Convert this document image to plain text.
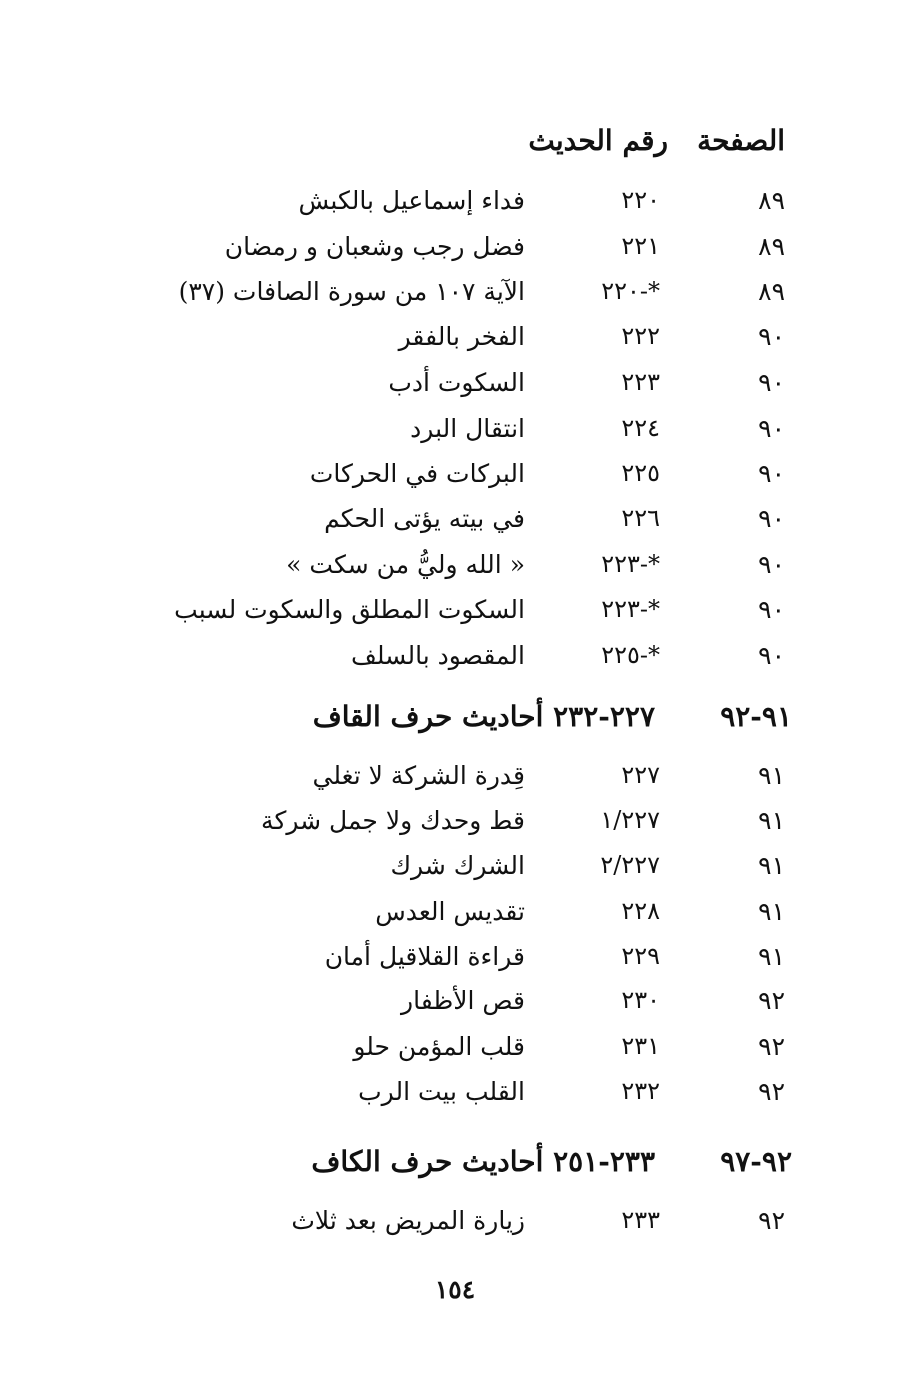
الصفحة
رقم الحديث
٨٩
٢٢٠
فداء إسماعيل بالكبش
٨٩
٢٢١
فضل رجب وشعبان و رمضان
٨٩
*-٢٢٠
الآية ١٠٧ من سورة الصافات (٣٧)
٩٠
٢٢٢
الفخر بالفقر
٩٠
٢٢٣
السكوت أدب
٩٠
٢٢٤
انتقال البرد
٩٠
٢٢٥
البركات في الحركات
٩٠
٢٢٦
في بيته يؤتى الحكم
٩٠
*-٢٢٣
« الله وليُّ من سكت »
٩٠
*-٢٢٣
السكوت المطلق والسكوت لسبب
٩٠
*-٢٢٥
المقصود بالسلف
٩١-٩٢
٢٢٧-٢٣٢ أحاديث حرف القاف
٩١
٢٢٧
قِدرة الشركة لا تغلي
٩١
١/٢٢٧
قط وحدك ولا جمل شركة
٩١
٢/٢٢٧
الشرك شرك
٩١
٢٢٨
تقديس العدس
٩١
٢٢٩
قراءة القلاقيل أمان
٩٢
٢٣٠
قص الأظفار
٩٢
٢٣١
قلب المؤمن حلو
٩٢
٢٣٢
القلب بيت الرب
٩٢-٩٧
٢٣٣-٢٥١ أحاديث حرف الكاف
٩٢
٢٣٣
زيارة المريض بعد ثلاث
١٥٤
